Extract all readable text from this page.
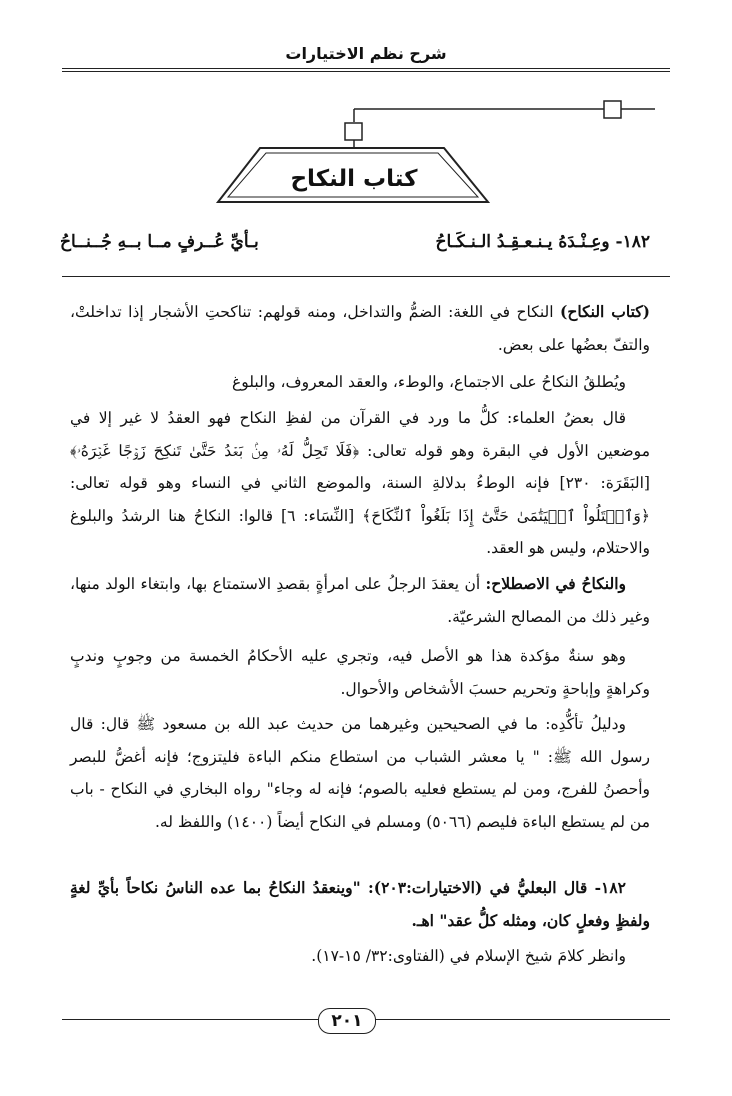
شرح نظم الاختيارات
كتاب النكاح
١٨٢- وعِـنْـدَهُ يـنـعـقِـدُ الـنـكَـاحُ
بـأيِّ عُــرفٍ مــا بــهِ جُــنــاحُ
(كتاب النكاح) النكاح في اللغة: الضمُّ والتداخل، ومنه قولهم: تناكحتِ الأشجار إذا تداخلتْ، والتفّ بعضُها على بعض.
ويُطلقُ النكاحُ على الاجتماع، والوطء، والعقد المعروف، والبلوغ
قال بعضُ العلماء: كلُّ ما ورد في القرآن من لفظِ النكاح فهو العقدُ لا غير إلا في موضعين الأول في البقرة وهو قوله تعالى: ﴿فَلَا تَحِلُّ لَهُۥ مِنۢ بَعۡدُ حَتَّىٰ تَنكِحَ زَوۡجًا غَيۡرَهُۥ﴾ [البَقَرَة: ٢٣٠] فإنه الوطءُ بدلالةِ السنة، والموضع الثاني في النساء وهو قوله تعالى: ﴿وَٱبۡتَلُواْ ٱلۡيَتَٰمَىٰ حَتَّىٰٓ إِذَا بَلَغُواْ ٱلنِّكَاحَ﴾ [النِّسَاء: ٦] قالوا: النكاحُ هنا الرشدُ والبلوغ والاحتلام، وليس هو العقد.
والنكاحُ في الاصطلاح: أن يعقدَ الرجلُ على امرأةٍ بقصدِ الاستمتاع بها، وابتغاء الولد منها، وغير ذلك من المصالح الشرعيّة.
وهو سنةٌ مؤكدة هذا هو الأصل فيه، وتجري عليه الأحكامُ الخمسة من وجوبٍ وندبٍ وكراهةٍ وإباحةٍ وتحريم حسبَ الأشخاص والأحوال.
ودليلُ تأكُّدِه: ما في الصحيحين وغيرهما من حديث عبد الله بن مسعود ﷺ قال: قال رسول الله ﷺ: " يا معشر الشباب من استطاع منكم الباءة فليتزوج؛ فإنه أغضُّ للبصر وأحصنُ للفرج، ومن لم يستطع فعليه بالصوم؛ فإنه له وجاء" رواه البخاري في النكاح - باب من لم يستطع الباءة فليصم (٥٠٦٦) ومسلم في النكاح أيضاً (١٤٠٠) واللفظ له.
١٨٢- قال البعليُّ في (الاختيارات:٢٠٣): "وينعقدُ النكاحُ بما عده الناسُ نكاحاً بأيِّ لغةٍ ولفظٍ وفعلٍ كان، ومثله كلُّ عقد" اهـ.
وانظر كلامَ شيخ الإسلام في (الفتاوى:٣٢/ ١٥-١٧).
٢٠١
